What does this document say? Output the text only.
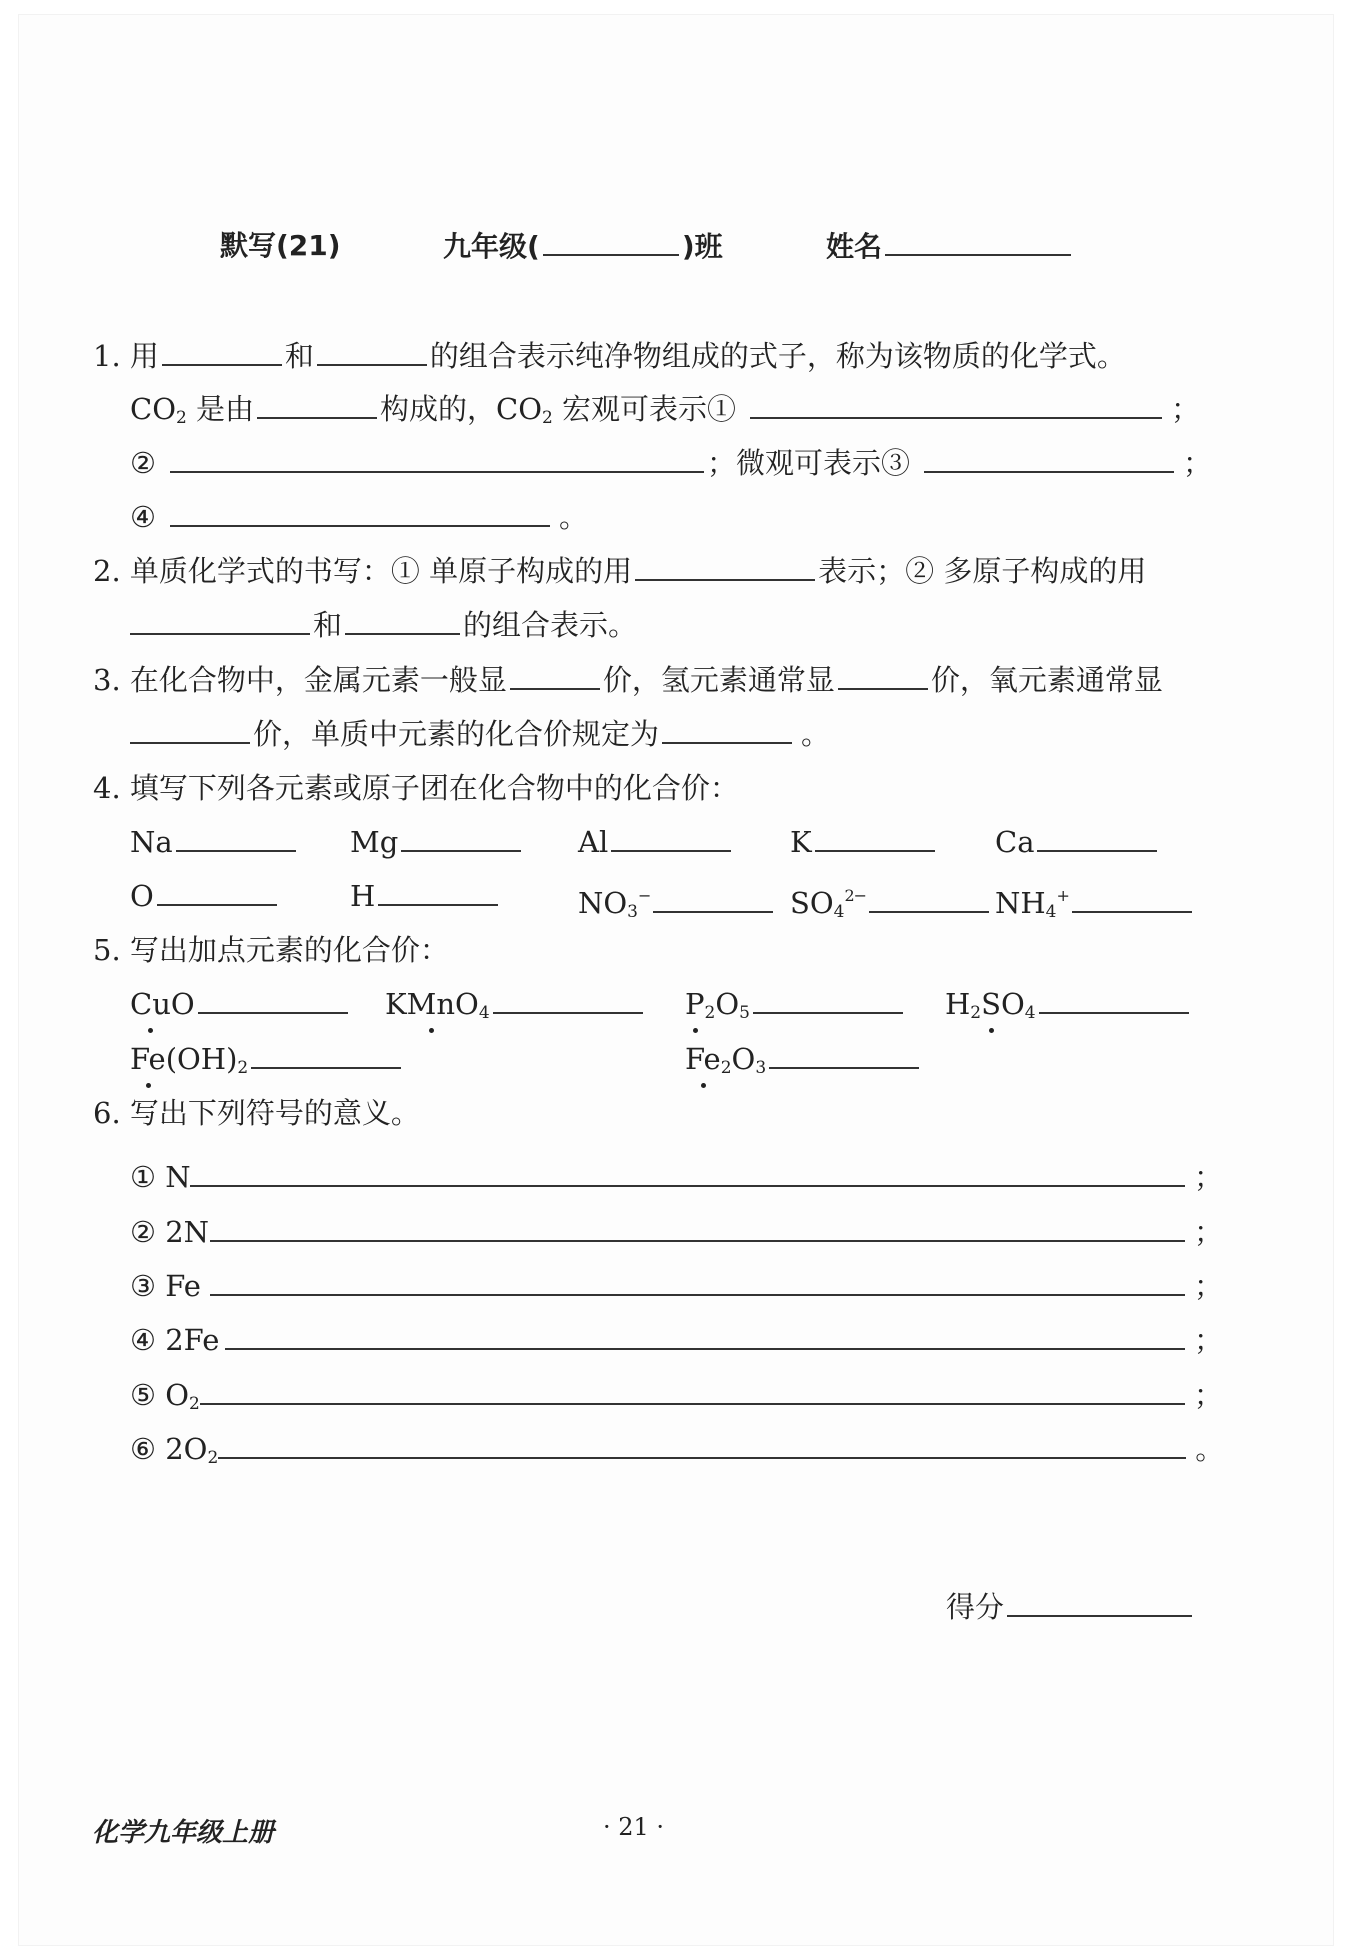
默写(21)	九年级(	)班	姓名
1. 用	和	的组合表示纯净物组成的式子，称为该物质的化学式。
$CO_2$ 是由	构成的，$CO_2$ 宏观可表示①	；
②	；微观可表示③	；
④	。
2. 单质化学式的书写：① 单原子构成的用	表示；② 多原子构成的用
和	的组合表示。
3. 在化合物中，金属元素一般显	价，氢元素通常显	价，氧元素通常显
价，单质中元素的化合价规定为	。
4. 填写下列各元素或原子团在化合物中的化合价：
Na	Mg	Al	K	Ca
O	H	$NO_3^-$	$SO_4^{2-}$	$NH_4^+$
5. 写出加点元素的化合价：
CuO	KMnO$_4$	$P_2O_5$	$H_2SO_4$
$Fe(OH)_2$	$Fe_2O_3$
6. 写出下列符号的意义。
① N	；
② 2N	；
③ Fe	；
④ 2Fe	；
⑤ $O_2$	；
⑥ $2O_2$	。
得分
化学九年级上册	· 21 ·
